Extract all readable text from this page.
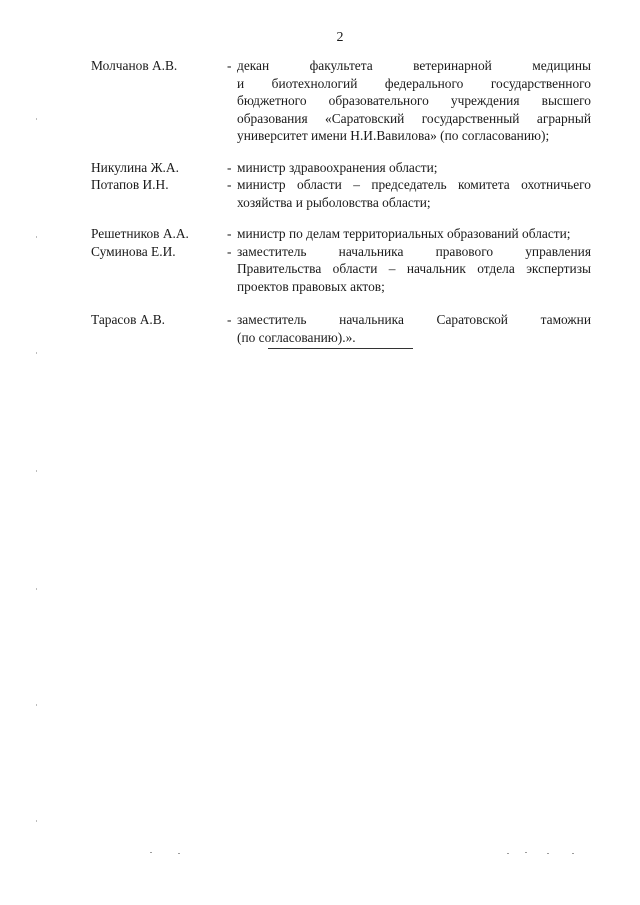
2
Молчанов А.В.	- декан факультета ветеринарной медицины
и биотехнологий федерального государственного
бюджетного образовательного учреждения высшего
образования «Саратовский государственный аграрный
университет имени Н.И.Вавилова» (по согласованию);
Никулина Ж.А.	- министр здравоохранения области;
Потапов И.Н.	- министр области – председатель комитета охотничьего
хозяйства и рыболовства области;
Решетников А.А.	- министр по делам территориальных образований области;
Суминова Е.И.	- заместитель начальника правового управления
Правительства области – начальник отдела экспертизы
проектов правовых актов;
Тарасов А.В.	- заместитель начальника Саратовской таможни
(по согласованию).».
